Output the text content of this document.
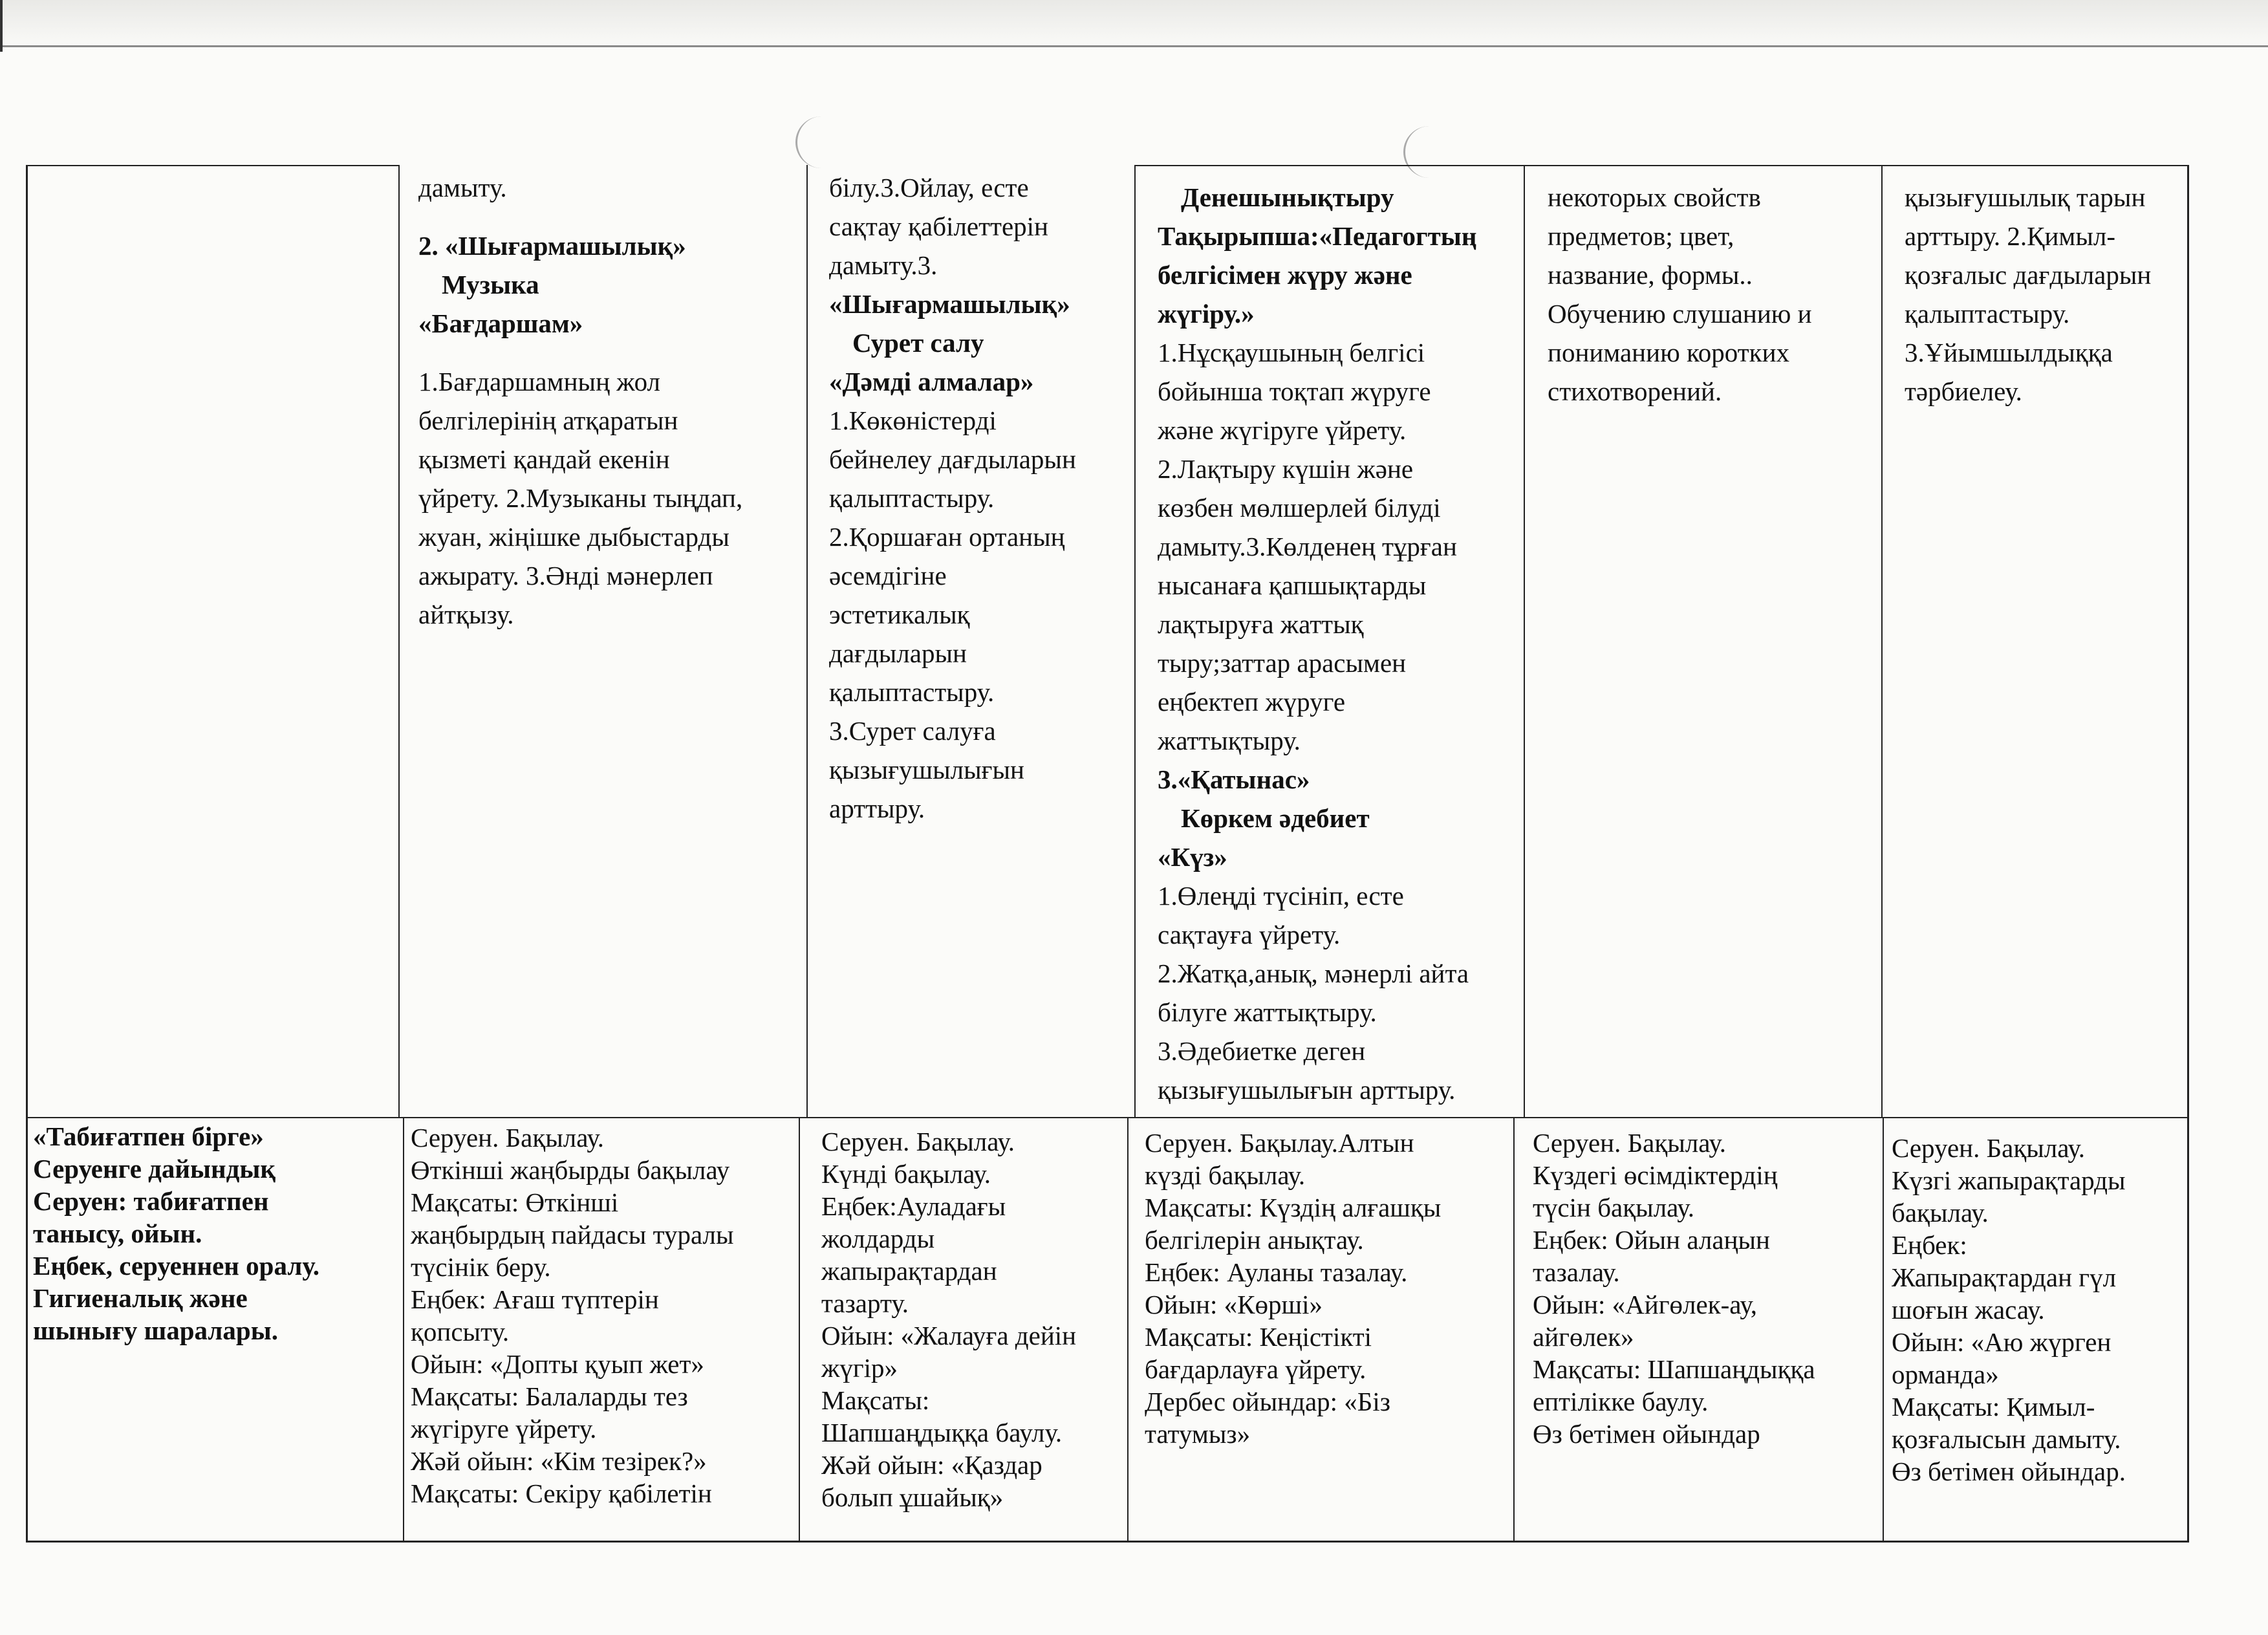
дамыту.

2. «Шығармашылық»

Музыка

«Бағдаршам»

1.Бағдаршамның жол

белгілерінің атқаратын

қызметі қандай екенін

үйрету. 2.Музыканы тыңдап,

жуан, жіңішке дыбыстарды

ажырату. 3.Әнді мәнерлеп

айтқызу.

білу.3.Ойлау, есте

сақтау қабілеттерін

дамыту.3.

«Шығармашылық»

Сурет салу

«Дәмді алмалар»

1.Көкөністерді

бейнелеу дағдыларын

қалыптастыру.

2.Қоршаған ортаның

әсемдігіне

эстетикалық

дағдыларын

қалыптастыру.

3.Сурет салуға

қызығушылығын

арттыру.

Денешынықтыру

Тақырыпша:«Педагогтың

белгісімен жүру және

жүгіру.»

1.Нұсқаушының белгісі

бойынша тоқтап жүруге

және жүгіруге үйрету.

2.Лақтыру күшін және

көзбен мөлшерлей білуді

дамыту.3.Көлденең тұрған

нысанаға қапшықтарды

лақтыруға жаттық

тыру;заттар арасымен

еңбектеп жүруге

жаттықтыру.

3.«Қатынас»

Көркем әдебиет

«Күз»

1.Өлеңді түсініп, есте

сақтауға үйрету.

2.Жатқа,анық, мәнерлі айта

білуге жаттықтыру.

3.Әдебиетке деген

қызығушылығын арттыру.

некоторых свойств

предметов; цвет,

название, формы..

Обучению слушанию и

пониманию коротких

стихотворений.

қызығушылық тарын

арттыру. 2.Қимыл-

қозғалыс дағдыларын

қалыптастыру.

3.Ұйымшылдыққа

тәрбиелеу.

«Табиғатпен бірге»

Серуенге дайындық

Серуен: табиғатпен

танысу, ойын.

Еңбек, серуеннен оралу.

Гигиеналық және

шынығу шаралары.

Серуен. Бақылау.

Өткінші жаңбырды бақылау

Мақсаты: Өткінші

жаңбырдың пайдасы туралы

түсінік беру.

Еңбек: Ағаш түптерін

қопсыту.

Ойын: «Допты қуып жет»

Мақсаты: Балаларды тез

жүгіруге үйрету.

Жәй ойын: «Кім тезірек?»

Мақсаты: Секіру қабілетін

Серуен. Бақылау.

Күнді бақылау.

Еңбек:Ауладағы

жолдарды

жапырақтардан

тазарту.

Ойын: «Жалауға дейін

жүгір»

Мақсаты:

Шапшаңдыққа баулу.

Жәй ойын: «Қаздар

болып ұшайық»

Серуен. Бақылау.Алтын

күзді бақылау.

Мақсаты: Күздің алғашқы

белгілерін анықтау.

Еңбек: Ауланы тазалау.

Ойын: «Көрші»

Мақсаты: Кеңістікті

бағдарлауға үйрету.

Дербес ойындар: «Біз

татумыз»

Серуен. Бақылау.

Күздегі өсімдіктердің

түсін бақылау.

Еңбек: Ойын алаңын

тазалау.

Ойын: «Айгөлек-ау,

айгөлек»

Мақсаты: Шапшаңдыққа

ептілікке баулу.

Өз бетімен ойындар

Серуен. Бақылау.

Күзгі жапырақтарды

бақылау.

Еңбек:

Жапырақтардан гүл

шоғын жасау.

Ойын: «Аю жүрген

орманда»

Мақсаты: Қимыл-

қозғалысын дамыту.

Өз бетімен ойындар.
